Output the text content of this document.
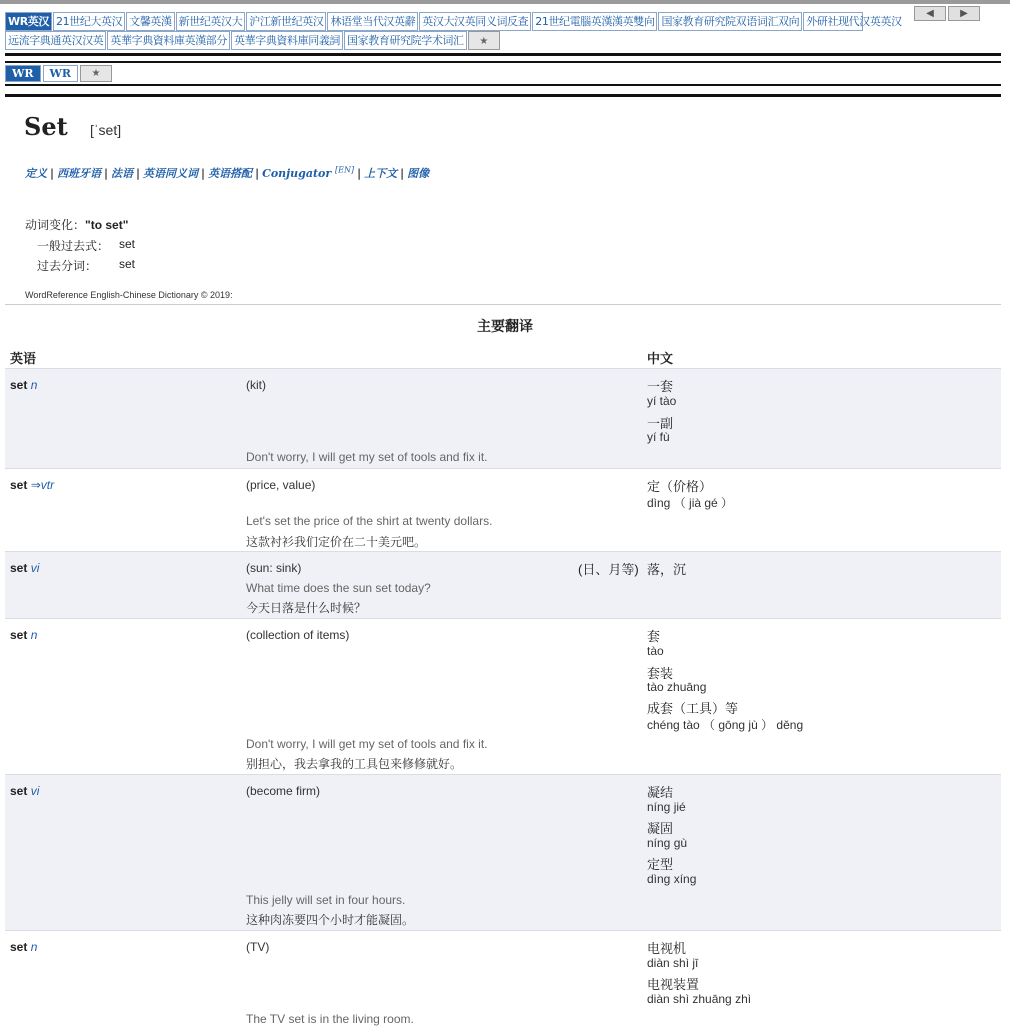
WR英汉 21世纪大英汉 文馨英漢 新世纪英汉大 沪江新世纪英汉 林语堂当代汉英辭 英汉大汉英同义词反查 21世纪電腦英漢漢英雙向 国家教育研究院双语词汇双向 外研社现代汉英英汉
远流字典通英汉汉英 英華字典資料庫英漢部分 英華字典資料庫同義詞 国家教育研究院学术词汇	★
◀	▶
WR	WR	★
Set [ˈset]
定义 | 西班牙语 | 法语 | 英语同义词 | 英语搭配 | Conjugator [EN] | 上下文 | 图像
动词变化："to set"
一般过去式： set
过去分词： set
WordReference English-Chinese Dictionary © 2019:
主要翻译
英语	中文
set n	(kit)	一套
yí tào
一副
yí fù
Don't worry, I will get my set of tools and fix it.
set ⇒vtr	(price, value)	定（价格）
dìng （ jià gé ）
Let's set the price of the shirt at twenty dollars.
这款衬衫我们定价在二十美元吧。
set vi	(sun: sink)	(日、月等) 落，沉
What time does the sun set today?
今天日落是什么时候？
set n	(collection of items)	套
tào
套装
tào zhuāng
成套（工具）等
chéng tào （ gōng jù ） děng
Don't worry, I will get my set of tools and fix it.
别担心，我去拿我的工具包来修修就好。
set vi	(become firm)	凝结
níng jié
凝固
níng gù
定型
dìng xíng
This jelly will set in four hours.
这种肉冻要四个小时才能凝固。
set n	(TV)	电视机
diàn shì jī
电视装置
diàn shì zhuāng zhì
The TV set is in the living room.
